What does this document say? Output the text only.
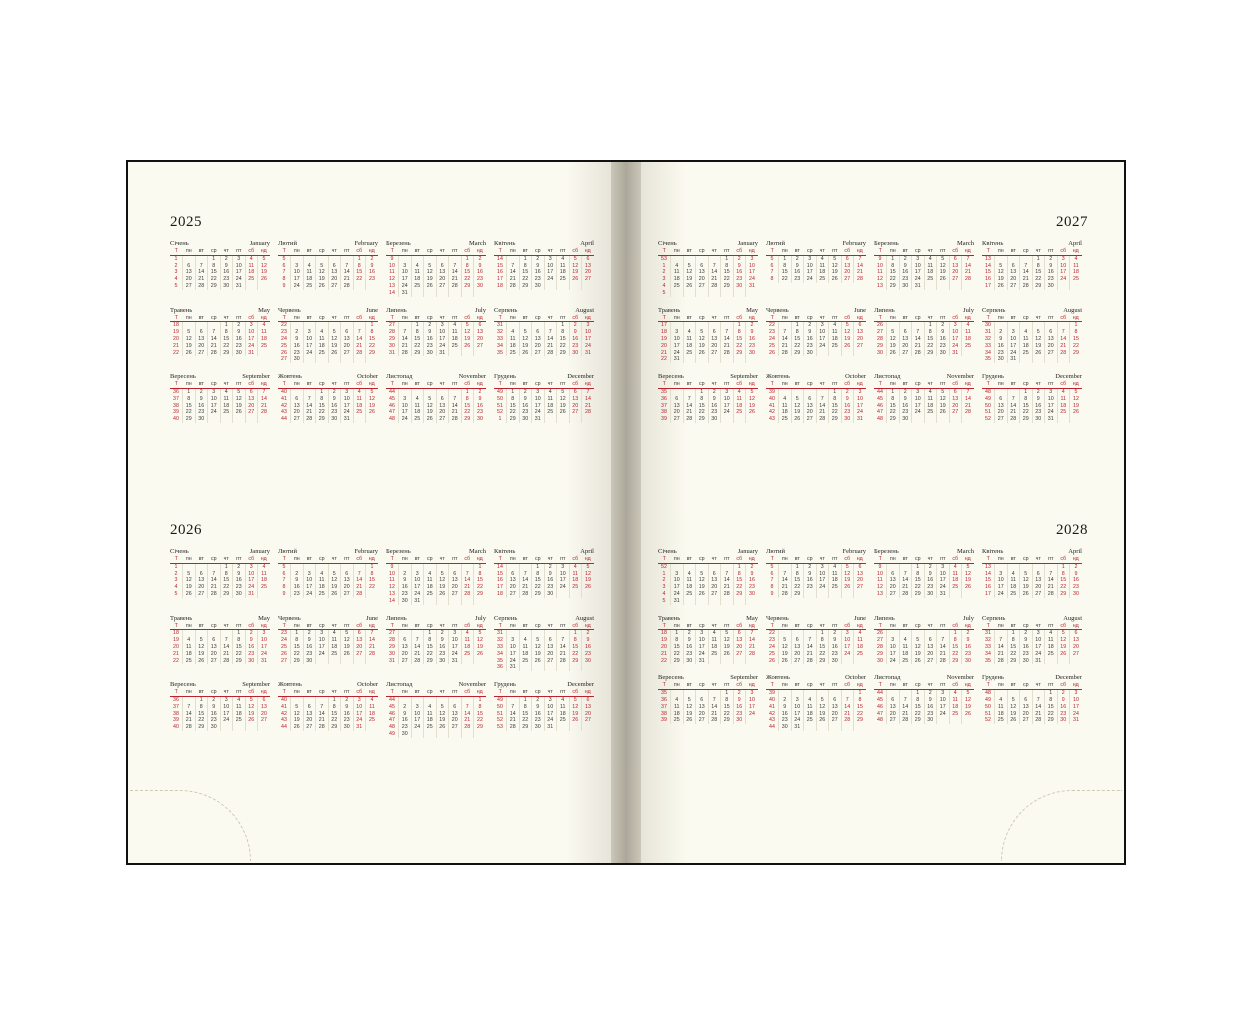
2025
Січень	January
Т	пн	вт	ср	чт	пт	сб	нд
1			1	2	3	4	5
2	6	7	8	9	10	11	12
3	13	14	15	16	17	18	19
4	20	21	22	23	24	25	26
5	27	28	29	30	31		
Лютий	February
Т	пн	вт	ср	чт	пт	сб	нд
5						1	2
6	3	4	5	6	7	8	9
7	10	11	12	13	14	15	16
8	17	18	19	20	21	22	23
9	24	25	26	27	28		
Березень	March
Т	пн	вт	ср	чт	пт	сб	нд
9						1	2
10	3	4	5	6	7	8	9
11	10	11	12	13	14	15	16
12	17	18	19	20	21	22	23
13	24	25	26	27	28	29	30
14	31						
Квітень	April
Т	пн	вт	ср	чт	пт	сб	нд
14		1	2	3	4	5	6
15	7	8	9	10	11	12	13
16	14	15	16	17	18	19	20
17	21	22	23	24	25	26	27
18	28	29	30				
Травень	May
Т	пн	вт	ср	чт	пт	сб	нд
18				1	2	3	4
19	5	6	7	8	9	10	11
20	12	13	14	15	16	17	18
21	19	20	21	22	23	24	25
22	26	27	28	29	30	31	
Червень	June
Т	пн	вт	ср	чт	пт	сб	нд
22							1
23	2	3	4	5	6	7	8
24	9	10	11	12	13	14	15
25	16	17	18	19	20	21	22
26	23	24	25	26	27	28	29
27	30						
Липень	July
Т	пн	вт	ср	чт	пт	сб	нд
27		1	2	3	4	5	6
28	7	8	9	10	11	12	13
29	14	15	16	17	18	19	20
30	21	22	23	24	25	26	27
31	28	29	30	31			
Серпень	August
Т	пн	вт	ср	чт	пт	сб	нд
31					1	2	3
32	4	5	6	7	8	9	10
33	11	12	13	14	15	16	17
34	18	19	20	21	22	23	24
35	25	26	27	28	29	30	31
Вересень	September
Т	пн	вт	ср	чт	пт	сб	нд
36	1	2	3	4	5	6	7
37	8	9	10	11	12	13	14
38	15	16	17	18	19	20	21
39	22	23	24	25	26	27	28
40	29	30					
Жовтень	October
Т	пн	вт	ср	чт	пт	сб	нд
40			1	2	3	4	5
41	6	7	8	9	10	11	12
42	13	14	15	16	17	18	19
43	20	21	22	23	24	25	26
44	27	28	29	30	31		
Листопад	November
Т	пн	вт	ср	чт	пт	сб	нд
44						1	2
45	3	4	5	6	7	8	9
46	10	11	12	13	14	15	16
47	17	18	19	20	21	22	23
48	24	25	26	27	28	29	30
Грудень	December
Т	пн	вт	ср	чт	пт	сб	нд
49	1	2	3	4	5	6	7
50	8	9	10	11	12	13	14
51	15	16	17	18	19	20	21
52	22	23	24	25	26	27	28
1	29	30	31				
2026
Січень	January
Т	пн	вт	ср	чт	пт	сб	нд
1				1	2	3	4
2	5	6	7	8	9	10	11
3	12	13	14	15	16	17	18
4	19	20	21	22	23	24	25
5	26	27	28	29	30	31	
Лютий	February
Т	пн	вт	ср	чт	пт	сб	нд
5							1
6	2	3	4	5	6	7	8
7	9	10	11	12	13	14	15
8	16	17	18	19	20	21	22
9	23	24	25	26	27	28	
Березень	March
Т	пн	вт	ср	чт	пт	сб	нд
9							1
10	2	3	4	5	6	7	8
11	9	10	11	12	13	14	15
12	16	17	18	19	20	21	22
13	23	24	25	26	27	28	29
14	30	31					
Квітень	April
Т	пн	вт	ср	чт	пт	сб	нд
14			1	2	3	4	5
15	6	7	8	9	10	11	12
16	13	14	15	16	17	18	19
17	20	21	22	23	24	25	26
18	27	28	29	30			
Травень	May
Т	пн	вт	ср	чт	пт	сб	нд
18					1	2	3
19	4	5	6	7	8	9	10
20	11	12	13	14	15	16	17
21	18	19	20	21	22	23	24
22	25	26	27	28	29	30	31
Червень	June
Т	пн	вт	ср	чт	пт	сб	нд
23	1	2	3	4	5	6	7
24	8	9	10	11	12	13	14
25	15	16	17	18	19	20	21
26	22	23	24	25	26	27	28
27	29	30					
Липень	July
Т	пн	вт	ср	чт	пт	сб	нд
27			1	2	3	4	5
28	6	7	8	9	10	11	12
29	13	14	15	16	17	18	19
30	20	21	22	23	24	25	26
31	27	28	29	30	31		
Серпень	August
Т	пн	вт	ср	чт	пт	сб	нд
31						1	2
32	3	4	5	6	7	8	9
33	10	11	12	13	14	15	16
34	17	18	19	20	21	22	23
35	24	25	26	27	28	29	30
36	31						
Вересень	September
Т	пн	вт	ср	чт	пт	сб	нд
36		1	2	3	4	5	6
37	7	8	9	10	11	12	13
38	14	15	16	17	18	19	20
39	21	22	23	24	25	26	27
40	28	29	30				
Жовтень	October
Т	пн	вт	ср	чт	пт	сб	нд
40				1	2	3	4
41	5	6	7	8	9	10	11
42	12	13	14	15	16	17	18
43	19	20	21	22	23	24	25
44	26	27	28	29	30	31	
Листопад	November
Т	пн	вт	ср	чт	пт	сб	нд
44							1
45	2	3	4	5	6	7	8
46	9	10	11	12	13	14	15
47	16	17	18	19	20	21	22
48	23	24	25	26	27	28	29
49	30						
Грудень	December
Т	пн	вт	ср	чт	пт	сб	нд
49		1	2	3	4	5	6
50	7	8	9	10	11	12	13
51	14	15	16	17	18	19	20
52	21	22	23	24	25	26	27
53	28	29	30	31			
2027
Січень	January
Т	пн	вт	ср	чт	пт	сб	нд
53					1	2	3
1	4	5	6	7	8	9	10
2	11	12	13	14	15	16	17
3	18	19	20	21	22	23	24
4	25	26	27	28	29	30	31
5							
Лютий	February
Т	пн	вт	ср	чт	пт	сб	нд
5	1	2	3	4	5	6	7
6	8	9	10	11	12	13	14
7	15	16	17	18	19	20	21
8	22	23	24	25	26	27	28
Березень	March
Т	пн	вт	ср	чт	пт	сб	нд
9	1	2	3	4	5	6	7
10	8	9	10	11	12	13	14
11	15	16	17	18	19	20	21
12	22	23	24	25	26	27	28
13	29	30	31				
Квітень	April
Т	пн	вт	ср	чт	пт	сб	нд
13				1	2	3	4
14	5	6	7	8	9	10	11
15	12	13	14	15	16	17	18
16	19	20	21	22	23	24	25
17	26	27	28	29	30		
Травень	May
Т	пн	вт	ср	чт	пт	сб	нд
17						1	2
18	3	4	5	6	7	8	9
19	10	11	12	13	14	15	16
20	17	18	19	20	21	22	23
21	24	25	26	27	28	29	30
22	31						
Червень	June
Т	пн	вт	ср	чт	пт	сб	нд
22		1	2	3	4	5	6
23	7	8	9	10	11	12	13
24	14	15	16	17	18	19	20
25	21	22	23	24	25	26	27
26	28	29	30				
Липень	July
Т	пн	вт	ср	чт	пт	сб	нд
26				1	2	3	4
27	5	6	7	8	9	10	11
28	12	13	14	15	16	17	18
29	19	20	21	22	23	24	25
30	26	27	28	29	30	31	
Серпень	August
Т	пн	вт	ср	чт	пт	сб	нд
30							1
31	2	3	4	5	6	7	8
32	9	10	11	12	13	14	15
33	16	17	18	19	20	21	22
34	23	24	25	26	27	28	29
35	30	31					
Вересень	September
Т	пн	вт	ср	чт	пт	сб	нд
35			1	2	3	4	5
36	6	7	8	9	10	11	12
37	13	14	15	16	17	18	19
38	20	21	22	23	24	25	26
39	27	28	29	30			
Жовтень	October
Т	пн	вт	ср	чт	пт	сб	нд
39					1	2	3
40	4	5	6	7	8	9	10
41	11	12	13	14	15	16	17
42	18	19	20	21	22	23	24
43	25	26	27	28	29	30	31
Листопад	November
Т	пн	вт	ср	чт	пт	сб	нд
44	1	2	3	4	5	6	7
45	8	9	10	11	12	13	14
46	15	16	17	18	19	20	21
47	22	23	24	25	26	27	28
48	29	30					
Грудень	December
Т	пн	вт	ср	чт	пт	сб	нд
48			1	2	3	4	5
49	6	7	8	9	10	11	12
50	13	14	15	16	17	18	19
51	20	21	22	23	24	25	26
52	27	28	29	30	31		
2028
Січень	January
Т	пн	вт	ср	чт	пт	сб	нд
52						1	2
1	3	4	5	6	7	8	9
2	10	11	12	13	14	15	16
3	17	18	19	20	21	22	23
4	24	25	26	27	28	29	30
5	31						
Лютий	February
Т	пн	вт	ср	чт	пт	сб	нд
5		1	2	3	4	5	6
6	7	8	9	10	11	12	13
7	14	15	16	17	18	19	20
8	21	22	23	24	25	26	27
9	28	29					
Березень	March
Т	пн	вт	ср	чт	пт	сб	нд
9			1	2	3	4	5
10	6	7	8	9	10	11	12
11	13	14	15	16	17	18	19
12	20	21	22	23	24	25	26
13	27	28	29	30	31		
Квітень	April
Т	пн	вт	ср	чт	пт	сб	нд
13						1	2
14	3	4	5	6	7	8	9
15	10	11	12	13	14	15	16
16	17	18	19	20	21	22	23
17	24	25	26	27	28	29	30
Травень	May
Т	пн	вт	ср	чт	пт	сб	нд
18	1	2	3	4	5	6	7
19	8	9	10	11	12	13	14
20	15	16	17	18	19	20	21
21	22	23	24	25	26	27	28
22	29	30	31				
Червень	June
Т	пн	вт	ср	чт	пт	сб	нд
22				1	2	3	4
23	5	6	7	8	9	10	11
24	12	13	14	15	16	17	18
25	19	20	21	22	23	24	25
26	26	27	28	29	30		
Липень	July
Т	пн	вт	ср	чт	пт	сб	нд
26						1	2
27	3	4	5	6	7	8	9
28	10	11	12	13	14	15	16
29	17	18	19	20	21	22	23
30	24	25	26	27	28	29	30
Серпень	August
Т	пн	вт	ср	чт	пт	сб	нд
31		1	2	3	4	5	6
32	7	8	9	10	11	12	13
33	14	15	16	17	18	19	20
34	21	22	23	24	25	26	27
35	28	29	30	31			
Вересень	September
Т	пн	вт	ср	чт	пт	сб	нд
35					1	2	3
36	4	5	6	7	8	9	10
37	11	12	13	14	15	16	17
38	18	19	20	21	22	23	24
39	25	26	27	28	29	30	
Жовтень	October
Т	пн	вт	ср	чт	пт	сб	нд
39							1
40	2	3	4	5	6	7	8
41	9	10	11	12	13	14	15
42	16	17	18	19	20	21	22
43	23	24	25	26	27	28	29
44	30	31					
Листопад	November
Т	пн	вт	ср	чт	пт	сб	нд
44			1	2	3	4	5
45	6	7	8	9	10	11	12
46	13	14	15	16	17	18	19
47	20	21	22	23	24	25	26
48	27	28	29	30			
Грудень	December
Т	пн	вт	ср	чт	пт	сб	нд
48					1	2	3
49	4	5	6	7	8	9	10
50	11	12	13	14	15	16	17
51	18	19	20	21	22	23	24
52	25	26	27	28	29	30	31
